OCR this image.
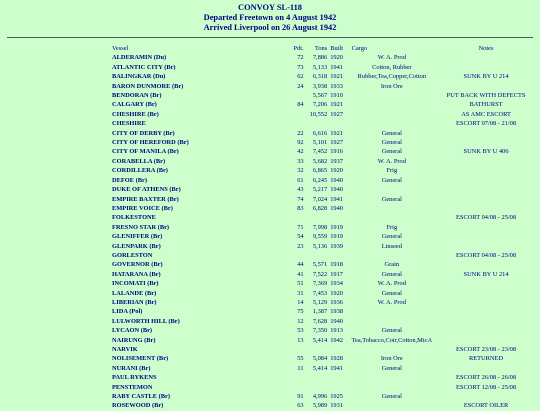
CONVOY SL-118
Departed Freetown on 4 August 1942
Arrived Liverpool on 26 August 1942
Vessel	Pdt.	Tons	Built	Cargo	Notes
ALDERAMIN (Du)	72	7,886	1920	W. A. Prod	
ATLANTIC CITY (Br)	73	5,133	1941	Cotton, Rubber	
BALINGKAR (Du)	62	6,318	1921	Rubber,Tea,Copper,Cotton	SUNK BY U 214
BARON DUNMORE (Br)	24	3,938	1933	Iron Ore	
BENDORAN (Br)		5,567	1910		PUT BACK WITH DEFECTS
CALGARY (Br)	84	7,206	1921		BATHURST
CHESHIRE (Br)		10,552	1927		AS AMC ESCORT
CHESHIRE					ESCORT 07/08 - 21/08
CITY OF DERBY (Br)	22	6,616	1921	General	
CITY OF HEREFORD (Br)	92	5,101	1927	General	
CITY OF MANILA (Br)	42	7,452	1916	General	SUNK BY U 406
CORABELLA (Br)	33	5,682	1937	W. A. Prod	
CORDILLERA (Br)	32	6,865	1920	Frig	
DEFOE (Br)	61	6,245	1940	General	
DUKE OF ATHENS (Br)	43	5,217	1940		
EMPIRE BAXTER (Br)	74	7,024	1941	General	
EMPIRE VOICE (Br)	83	6,828	1940		
FOLKESTONE					ESCORT 04/08 - 25/08
FRESNO STAR (Br)	71	7,998	1919	Frig	
GLENIFFER (Br)	54	9,559	1919	General	
GLENPARK (Br)	23	5,136	1939	Linseed	
GORLESTON					ESCORT 04/08 - 25/08
GOVERNOR (Br)	44	5,571	1918	Grain	
HATARANA (Br)	41	7,522	1917	General	SUNK BY U 214
INCOMATI (Br)	51	7,369	1934	W. A. Prod	
LALANDE (Br)	31	7,453	1920	General	
LIBERIAN (Br)	14	5,129	1936	W. A. Prod	
LIDA (Pol)	75	1,387	1938		
LULWORTH HILL (Br)	12	7,628	1940		
LYCAON (Br)	53	7,350	1913	General	
NAIRUNG (Br)	13	5,414	1942	Tea,Tobacco,Coir,Cotton,MicA	
NARVIK					ESCORT 23/08 - 23/08
NOLISEMENT (Br)	55	5,084	1928	Iron Ore	RETURNED
NURANI (Br)	11	5,414	1941	General	
PAUL RYKENS					ESCORT 26/08 - 26/08
PENSTEMON					ESCORT 12/08 - 25/08
RABY CASTLE (Br)	91	4,996	1925	General	
ROSEWOOD (Br)	63	5,989	1931		ESCORT OILER
